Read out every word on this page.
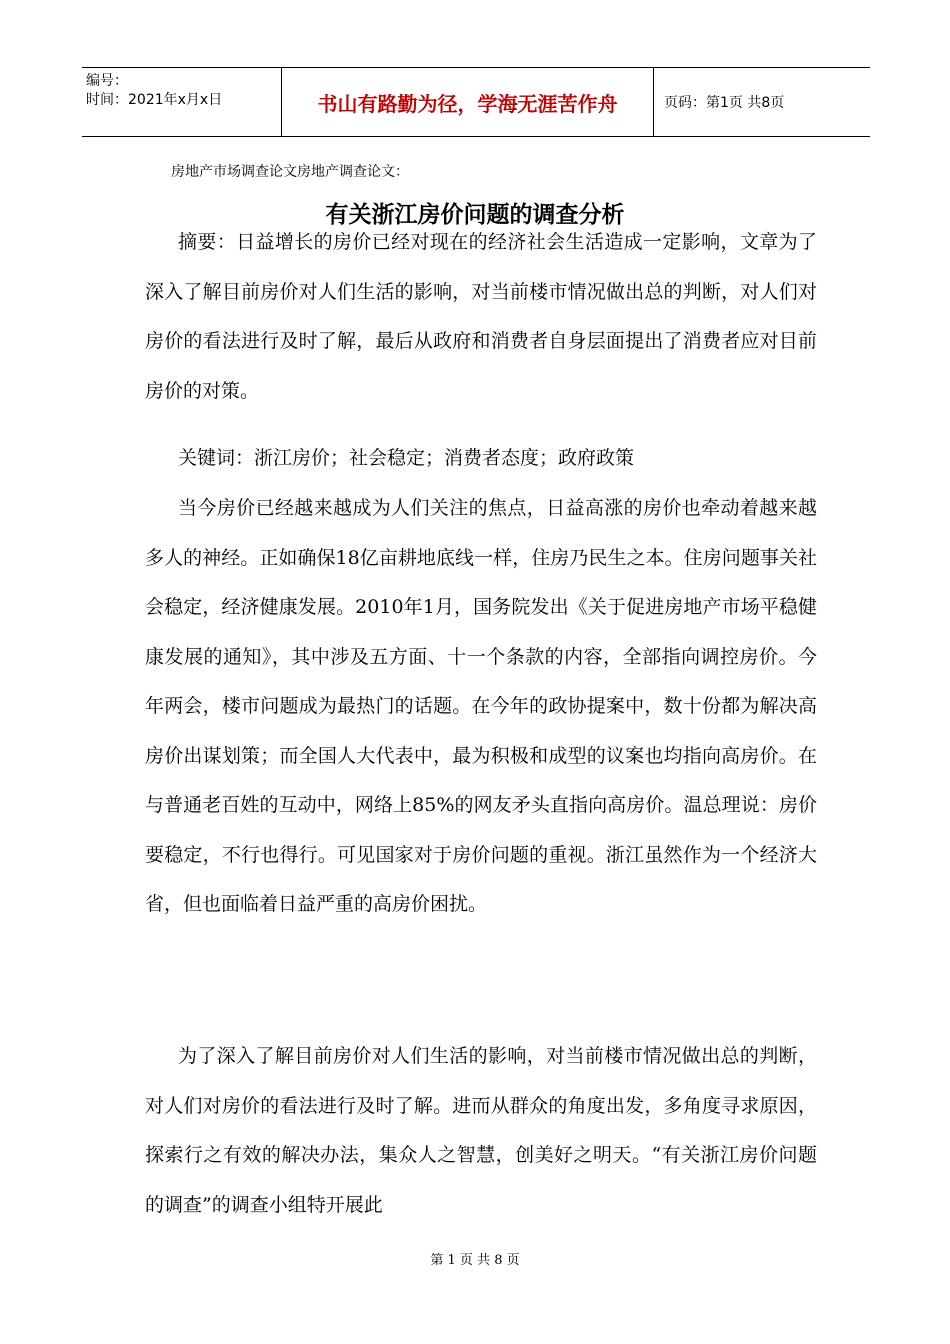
编号：
时间：2021年x月x日	书山有路勤为径，学海无涯苦作舟	页码：第1页 共8页
房地产市场调查论文房地产调查论文：
有关浙江房价问题的调查分析

摘要：日益增长的房价已经对现在的经济社会生活造成一定影响，文章为了深入了解目前房价对人们生活的影响，对当前楼市情况做出总的判断，对人们对房价的看法进行及时了解，最后从政府和消费者自身层面提出了消费者应对目前房价的对策。

关键词：浙江房价；社会稳定；消费者态度；政府政策

当今房价已经越来越成为人们关注的焦点，日益高涨的房价也牵动着越来越多人的神经。正如确保18亿亩耕地底线一样，住房乃民生之本。住房问题事关社会稳定，经济健康发展。2010年1月，国务院发出《关于促进房地产市场平稳健康发展的通知》，其中涉及五方面、十一个条款的内容，全部指向调控房价。今年两会，楼市问题成为最热门的话题。在今年的政协提案中，数十份都为解决高房价出谋划策；而全国人大代表中，最为积极和成型的议案也均指向高房价。在与普通老百姓的互动中，网络上85%的网友矛头直指向高房价。温总理说：房价要稳定，不行也得行。可见国家对于房价问题的重视。浙江虽然作为一个经济大省，但也面临着日益严重的高房价困扰。

为了深入了解目前房价对人们生活的影响，对当前楼市情况做出总的判断，对人们对房价的看法进行及时了解。进而从群众的角度出发，多角度寻求原因，探索行之有效的解决办法，集众人之智慧，创美好之明天。“有关浙江房价问题的调查”的调查小组特开展此

第 1 页 共 8 页
